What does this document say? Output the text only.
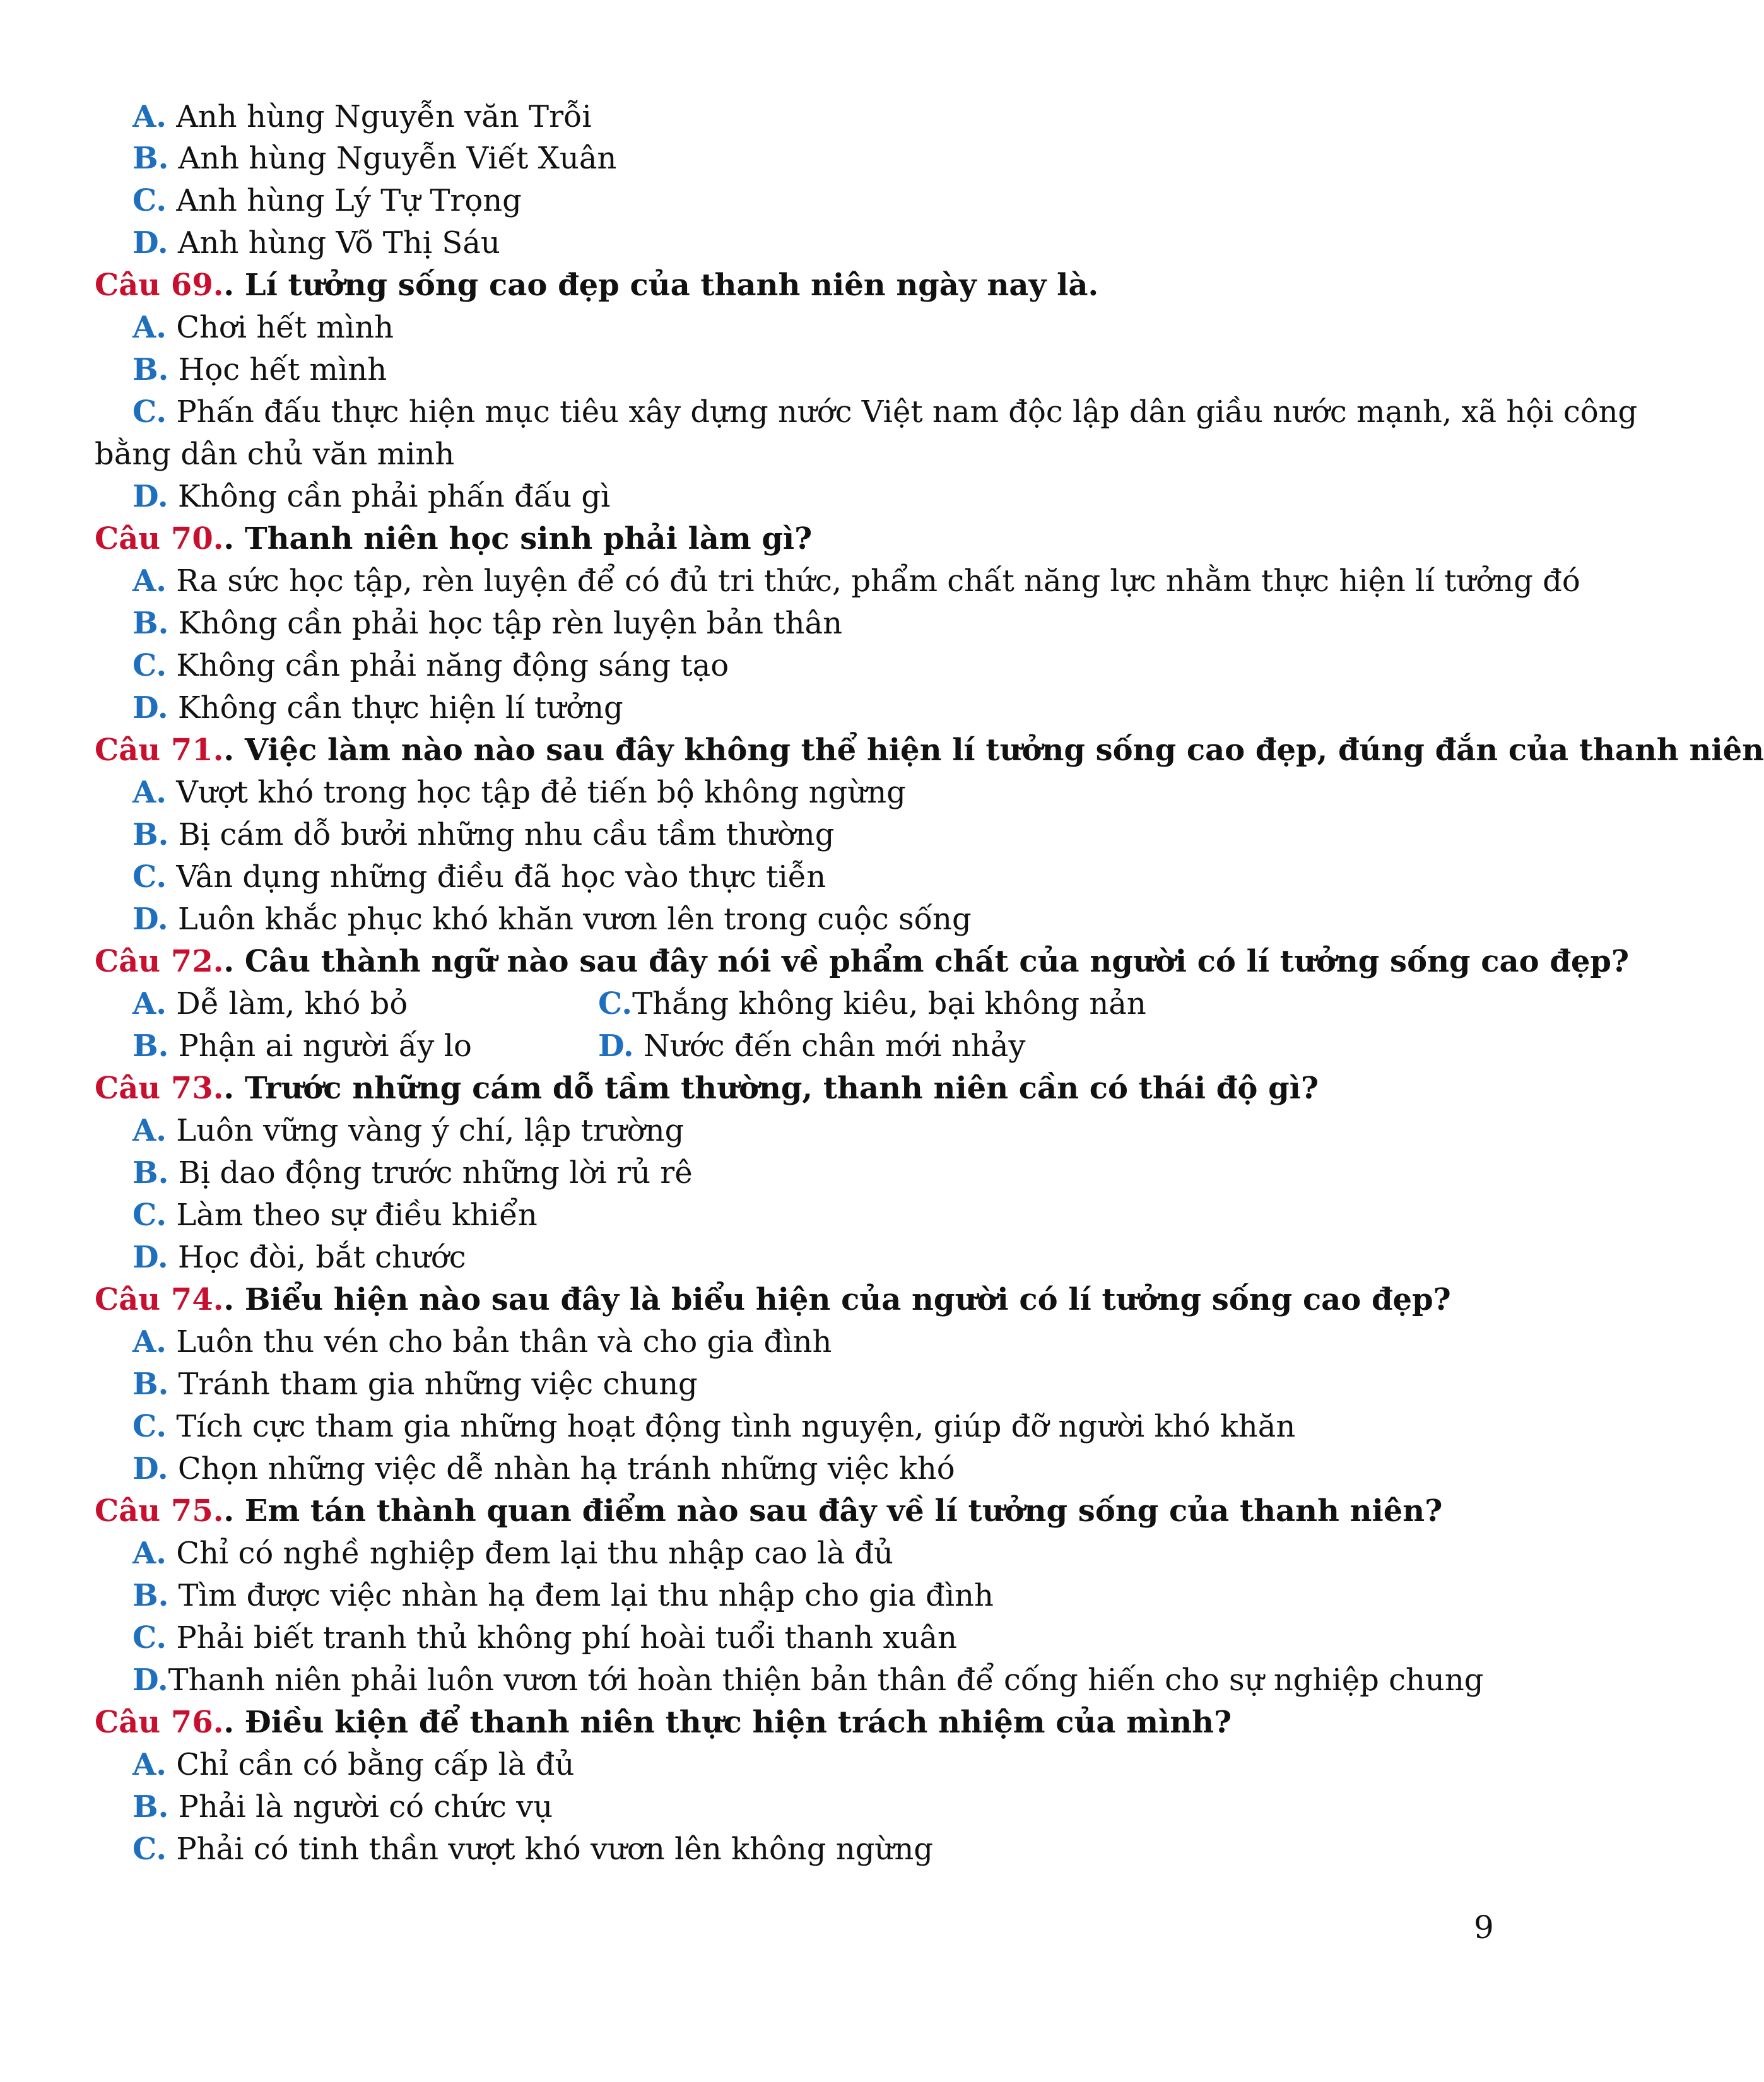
A. Anh hùng Nguyễn văn Trỗi
B. Anh hùng Nguyễn Viết Xuân
C. Anh hùng Lý Tự Trọng
D. Anh hùng Võ Thị Sáu
Câu 69.. Lí tưởng sống cao đẹp của thanh niên ngày nay là.
A. Chơi hết mình
B. Học hết mình
C. Phấn đấu thực hiện mục tiêu xây dựng nước Việt nam độc lập dân giầu nước mạnh, xã hội công
bằng dân chủ văn minh
D. Không cần phải phấn đấu gì
Câu 70.. Thanh niên học sinh phải làm gì?
A. Ra sức học tập, rèn luyện để có đủ tri thức, phẩm chất năng lực nhằm thực hiện lí tưởng đó
B. Không cần phải học tập rèn luyện bản thân
C. Không cần phải năng động sáng tạo
D. Không cần thực hiện lí tưởng
Câu 71.. Việc làm nào nào sau đây không thể hiện lí tưởng sống cao đẹp, đúng đắn của thanh niên
A. Vượt khó trong học tập đẻ tiến bộ không ngừng
B. Bị cám dỗ bưởi những nhu cầu tầm thường
C. Vân dụng những điều đã học vào thực tiễn
D. Luôn khắc phục khó khăn vươn lên trong cuộc sống
Câu 72.. Câu thành ngữ nào sau đây nói về phẩm chất của người có lí tưởng sống cao đẹp?
A. Dễ làm, khó bỏ	C.Thắng không kiêu, bại không nản
B. Phận ai người ấy lo	D. Nước đến chân mới nhảy
Câu 73.. Trước những cám dỗ tầm thường, thanh niên cần có thái độ gì?
A. Luôn vững vàng ý chí, lập trường
B. Bị dao động trước những lời rủ rê
C. Làm theo sự điều khiển
D. Học đòi, bắt chước
Câu 74.. Biểu hiện nào sau đây là biểu hiện của người có lí tưởng sống cao đẹp?
A. Luôn thu vén cho bản thân và cho gia đình
B. Tránh tham gia những việc chung
C. Tích cực tham gia những hoạt động tình nguyện, giúp đỡ người khó khăn
D. Chọn những việc dễ nhàn hạ tránh những việc khó
Câu 75.. Em tán thành quan điểm nào sau đây về lí tưởng sống của thanh niên?
A. Chỉ có nghề nghiệp đem lại thu nhập cao là đủ
B. Tìm được việc nhàn hạ đem lại thu nhập cho gia đình
C. Phải biết tranh thủ không phí hoài tuổi thanh xuân
D.Thanh niên phải luôn vươn tới hoàn thiện bản thân để cống hiến cho sự nghiệp chung
Câu 76.. Điều kiện để thanh niên thực hiện trách nhiệm của mình?
A. Chỉ cần có bằng cấp là đủ
B. Phải là người có chức vụ
C. Phải có tinh thần vượt khó vươn lên không ngừng
9
